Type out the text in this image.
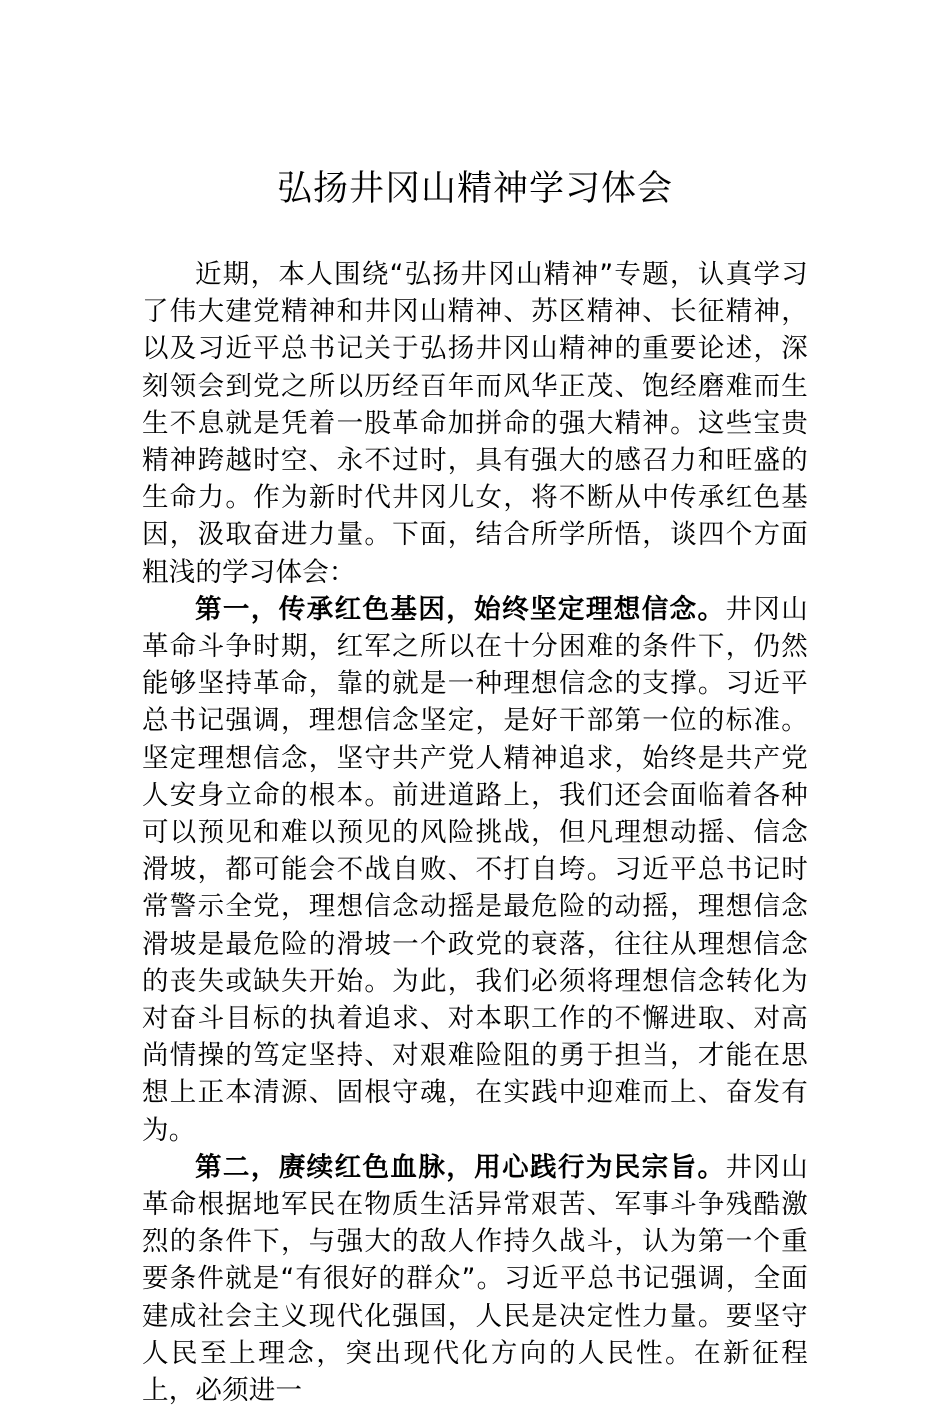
弘扬井冈山精神学习体会

近期，本人围绕“弘扬井冈山精神”专题，认真学习了伟大建党精神和井冈山精神、苏区精神、长征精神，以及习近平总书记关于弘扬井冈山精神的重要论述，深刻领会到党之所以历经百年而风华正茂、饱经磨难而生生不息就是凭着一股革命加拼命的强大精神。这些宝贵精神跨越时空、永不过时，具有强大的感召力和旺盛的生命力。作为新时代井冈儿女，将不断从中传承红色基因，汲取奋进力量。下面，结合所学所悟，谈四个方面粗浅的学习体会：

第一，传承红色基因，始终坚定理想信念。井冈山革命斗争时期，红军之所以在十分困难的条件下，仍然能够坚持革命，靠的就是一种理想信念的支撑。习近平总书记强调，理想信念坚定，是好干部第一位的标准。坚定理想信念，坚守共产党人精神追求，始终是共产党人安身立命的根本。前进道路上，我们还会面临着各种可以预见和难以预见的风险挑战，但凡理想动摇、信念滑坡，都可能会不战自败、不打自垮。习近平总书记时常警示全党，理想信念动摇是最危险的动摇，理想信念滑坡是最危险的滑坡一个政党的衰落，往往从理想信念的丧失或缺失开始。为此，我们必须将理想信念转化为对奋斗目标的执着追求、对本职工作的不懈进取、对高尚情操的笃定坚持、对艰难险阻的勇于担当，才能在思想上正本清源、固根守魂，在实践中迎难而上、奋发有为。

第二，赓续红色血脉，用心践行为民宗旨。井冈山革命根据地军民在物质生活异常艰苦、军事斗争残酷激烈的条件下，与强大的敌人作持久战斗，认为第一个重要条件就是“有很好的群众”。习近平总书记强调，全面建成社会主义现代化强国，人民是决定性力量。要坚守人民至上理念，突出现代化方向的人民性。在新征程上，必须进一
